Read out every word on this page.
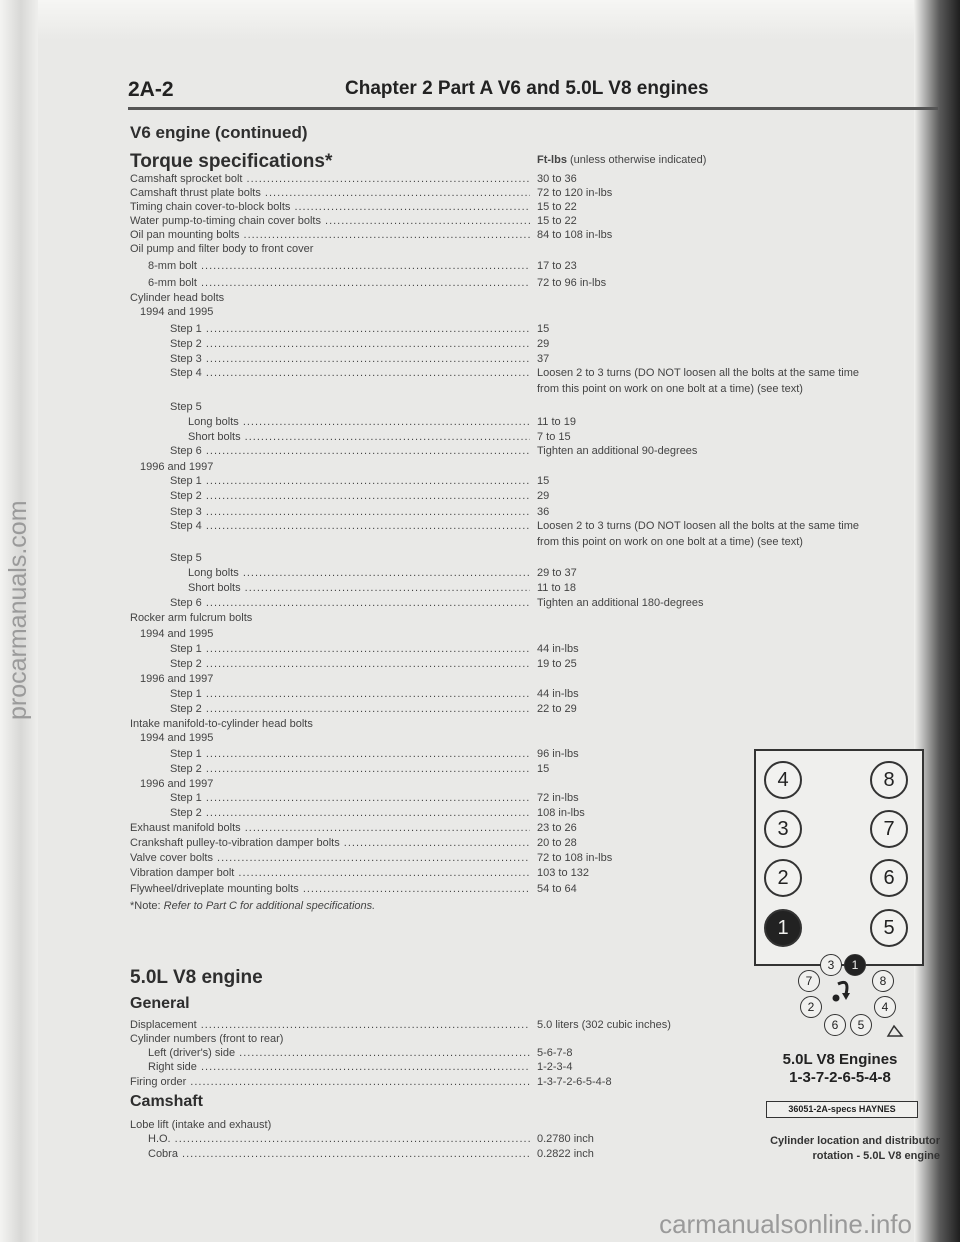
procarmanuals.com
2A-2	Chapter 2 Part A V6 and 5.0L V8 engines
V6 engine (continued)
Torque specifications*	Ft-lbs (unless otherwise indicated)
Camshaft sprocket bolt .....	30 to 36
Camshaft thrust plate bolts .....	72 to 120 in-lbs
Timing chain cover-to-block bolts .....	15 to 22
Water pump-to-timing chain cover bolts .....	15 to 22
Oil pan mounting bolts .....	84 to 108 in-lbs
Oil pump and filter body to front cover
8-mm bolt .....	17 to 23
6-mm bolt .....	72 to 96 in-lbs
Cylinder head bolts
1994 and 1995
Step 1 .....	15
Step 2 .....	29
Step 3 .....	37
Step 4 .....	Loosen 2 to 3 turns (DO NOT loosen all the bolts at the same time
from this point on work on one bolt at a time) (see text)
Step 5
Long bolts .....	11 to 19
Short bolts .....	7 to 15
Step 6 .....	Tighten an additional 90-degrees
1996 and 1997
Step 1 .....	15
Step 2 .....	29
Step 3 .....	36
Step 4 .....	Loosen 2 to 3 turns (DO NOT loosen all the bolts at the same time
from this point on work on one bolt at a time) (see text)
Step 5
Long bolts .....	29 to 37
Short bolts .....	11 to 18
Step 6 .....	Tighten an additional 180-degrees
Rocker arm fulcrum bolts
1994 and 1995
Step 1 .....	44 in-lbs
Step 2 .....	19 to 25
1996 and 1997
Step 1 .....	44 in-lbs
Step 2 .....	22 to 29
Intake manifold-to-cylinder head bolts
1994 and 1995
Step 1 .....	96 in-lbs
Step 2 .....	15
1996 and 1997
Step 1 .....	72 in-lbs
Step 2 .....	108 in-lbs
Exhaust manifold bolts .....	23 to 26
Crankshaft pulley-to-vibration damper bolts .....	20 to 28
Valve cover bolts .....	72 to 108 in-lbs
Vibration damper bolt .....	103 to 132
Flywheel/driveplate mounting bolts .....	54 to 64
*Note: Refer to Part C for additional specifications.
5.0L V8 engine
General
Displacement .....	5.0 liters (302 cubic inches)
Cylinder numbers (front to rear)
Left (driver's) side .....	5-6-7-8
Right side .....	1-2-3-4
Firing order .....	1-3-7-2-6-5-4-8
Camshaft
Lobe lift (intake and exhaust)
H.O. .....	0.2780 inch
Cobra .....	0.2822 inch
4
3
2
1
8
7
6
5
3	1
8
4
5
6
2
7
5.0L V8 Engines
1-3-7-2-6-5-4-8
36051-2A-specs HAYNES
Cylinder location and distributor
rotation - 5.0L V8 engine
carmanualsonline.info
